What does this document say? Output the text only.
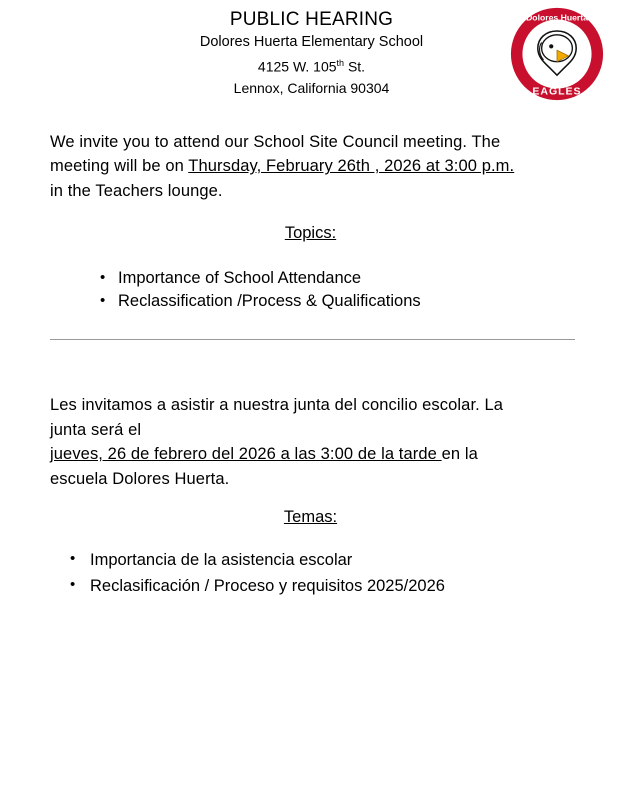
PUBLIC HEARING
Dolores Huerta Elementary School
4125 W. 105th St.
Lennox, California 90304
Dolores Huerta
EAGLES
We invite you to attend our School Site Council meeting. The
meeting will be on Thursday, February 26th , 2026 at 3:00 p.m.
in the Teachers lounge.
Topics:
• Importance of School Attendance
• Reclassification /Process & Qualifications
Les invitamos a asistir a nuestra junta del concilio escolar. La
junta será el
jueves, 26 de febrero del 2026 a las 3:00 de la tarde en la
escuela Dolores Huerta.
Temas:
• Importancia de la asistencia escolar
• Reclasificación / Proceso y requisitos 2025/2026
